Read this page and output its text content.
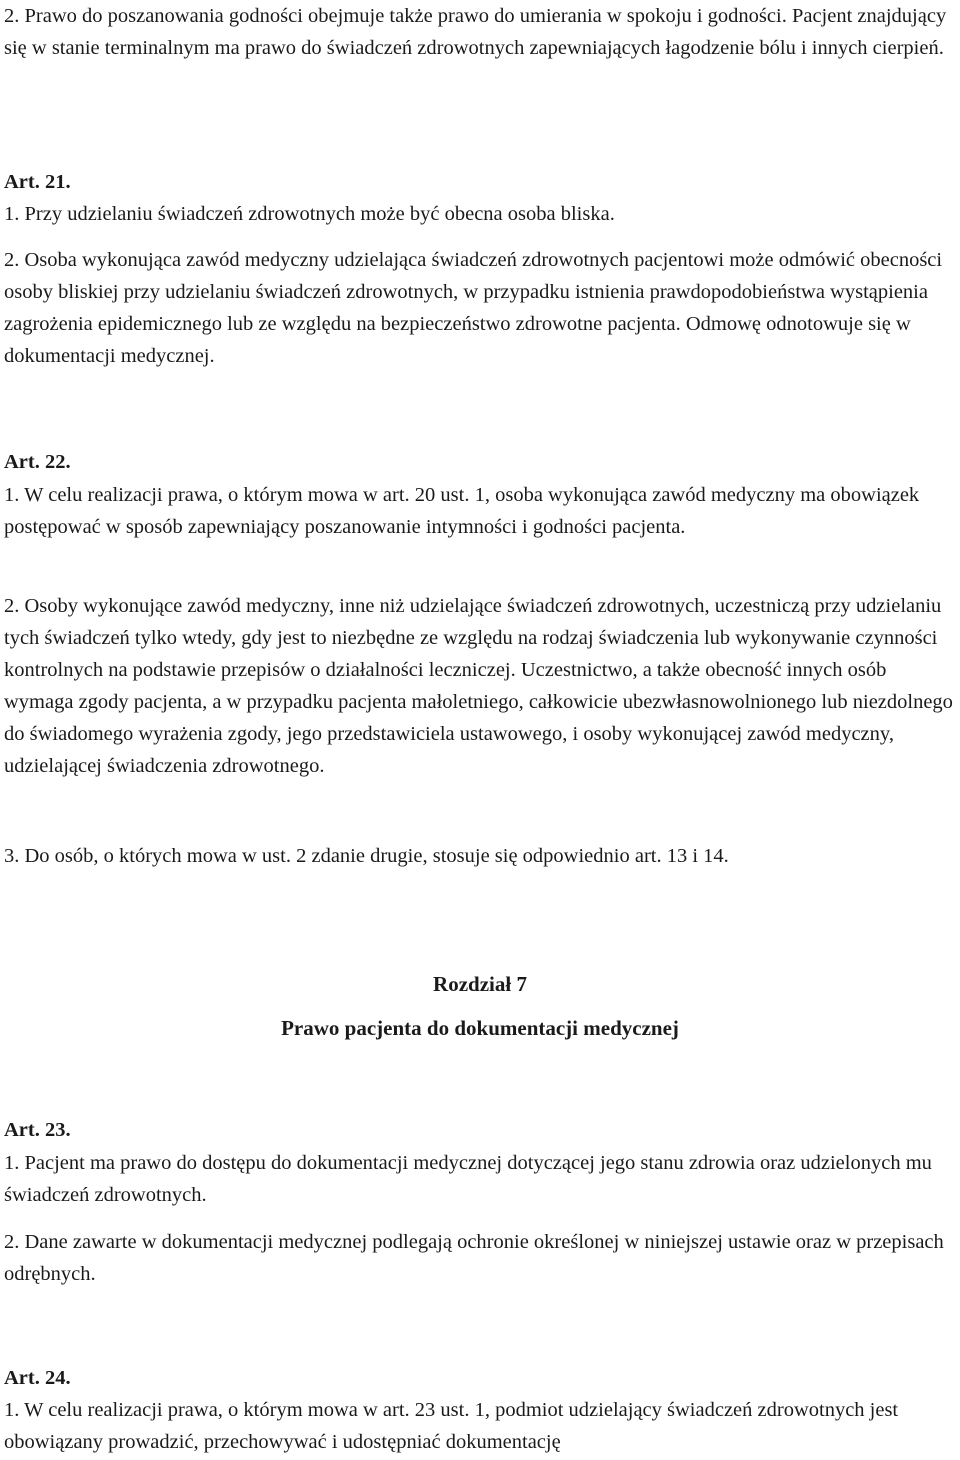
2. Prawo do poszanowania godności obejmuje także prawo do umierania w spokoju i godności. Pacjent znajdujący się w stanie terminalnym ma prawo do świadczeń zdrowotnych zapewniających łagodzenie bólu i innych cierpień.

Art. 21.

1. Przy udzielaniu świadczeń zdrowotnych może być obecna osoba bliska.

2. Osoba wykonująca zawód medyczny udzielająca świadczeń zdrowotnych pacjentowi może odmówić obecności osoby bliskiej przy udzielaniu świadczeń zdrowotnych, w przypadku istnienia prawdopodobieństwa wystąpienia zagrożenia epidemicznego lub ze względu na bezpieczeństwo zdrowotne pacjenta. Odmowę odnotowuje się w dokumentacji medycznej.

Art. 22.

1. W celu realizacji prawa, o którym mowa w art. 20 ust. 1, osoba wykonująca zawód medyczny ma obowiązek postępować w sposób zapewniający poszanowanie intymności i godności pacjenta.

2. Osoby wykonujące zawód medyczny, inne niż udzielające świadczeń zdrowotnych, uczestniczą przy udzielaniu tych świadczeń tylko wtedy, gdy jest to niezbędne ze względu na rodzaj świadczenia lub wykonywanie czynności kontrolnych na podstawie przepisów o działalności leczniczej. Uczestnictwo, a także obecność innych osób wymaga zgody pacjenta, a w przypadku pacjenta małoletniego, całkowicie ubezwłasnowolnionego lub niezdolnego do świadomego wyrażenia zgody, jego przedstawiciela ustawowego, i osoby wykonującej zawód medyczny, udzielającej świadczenia zdrowotnego.

3. Do osób, o których mowa w ust. 2 zdanie drugie, stosuje się odpowiednio art. 13 i 14.

Rozdział 7

Prawo pacjenta do dokumentacji medycznej

Art. 23.

1. Pacjent ma prawo do dostępu do dokumentacji medycznej dotyczącej jego stanu zdrowia oraz udzielonych mu świadczeń zdrowotnych.

2. Dane zawarte w dokumentacji medycznej podlegają ochronie określonej w niniejszej ustawie oraz w przepisach odrębnych.

Art. 24.

1. W celu realizacji prawa, o którym mowa w art. 23 ust. 1, podmiot udzielający świadczeń zdrowotnych jest obowiązany prowadzić, przechowywać i udostępniać dokumentację
